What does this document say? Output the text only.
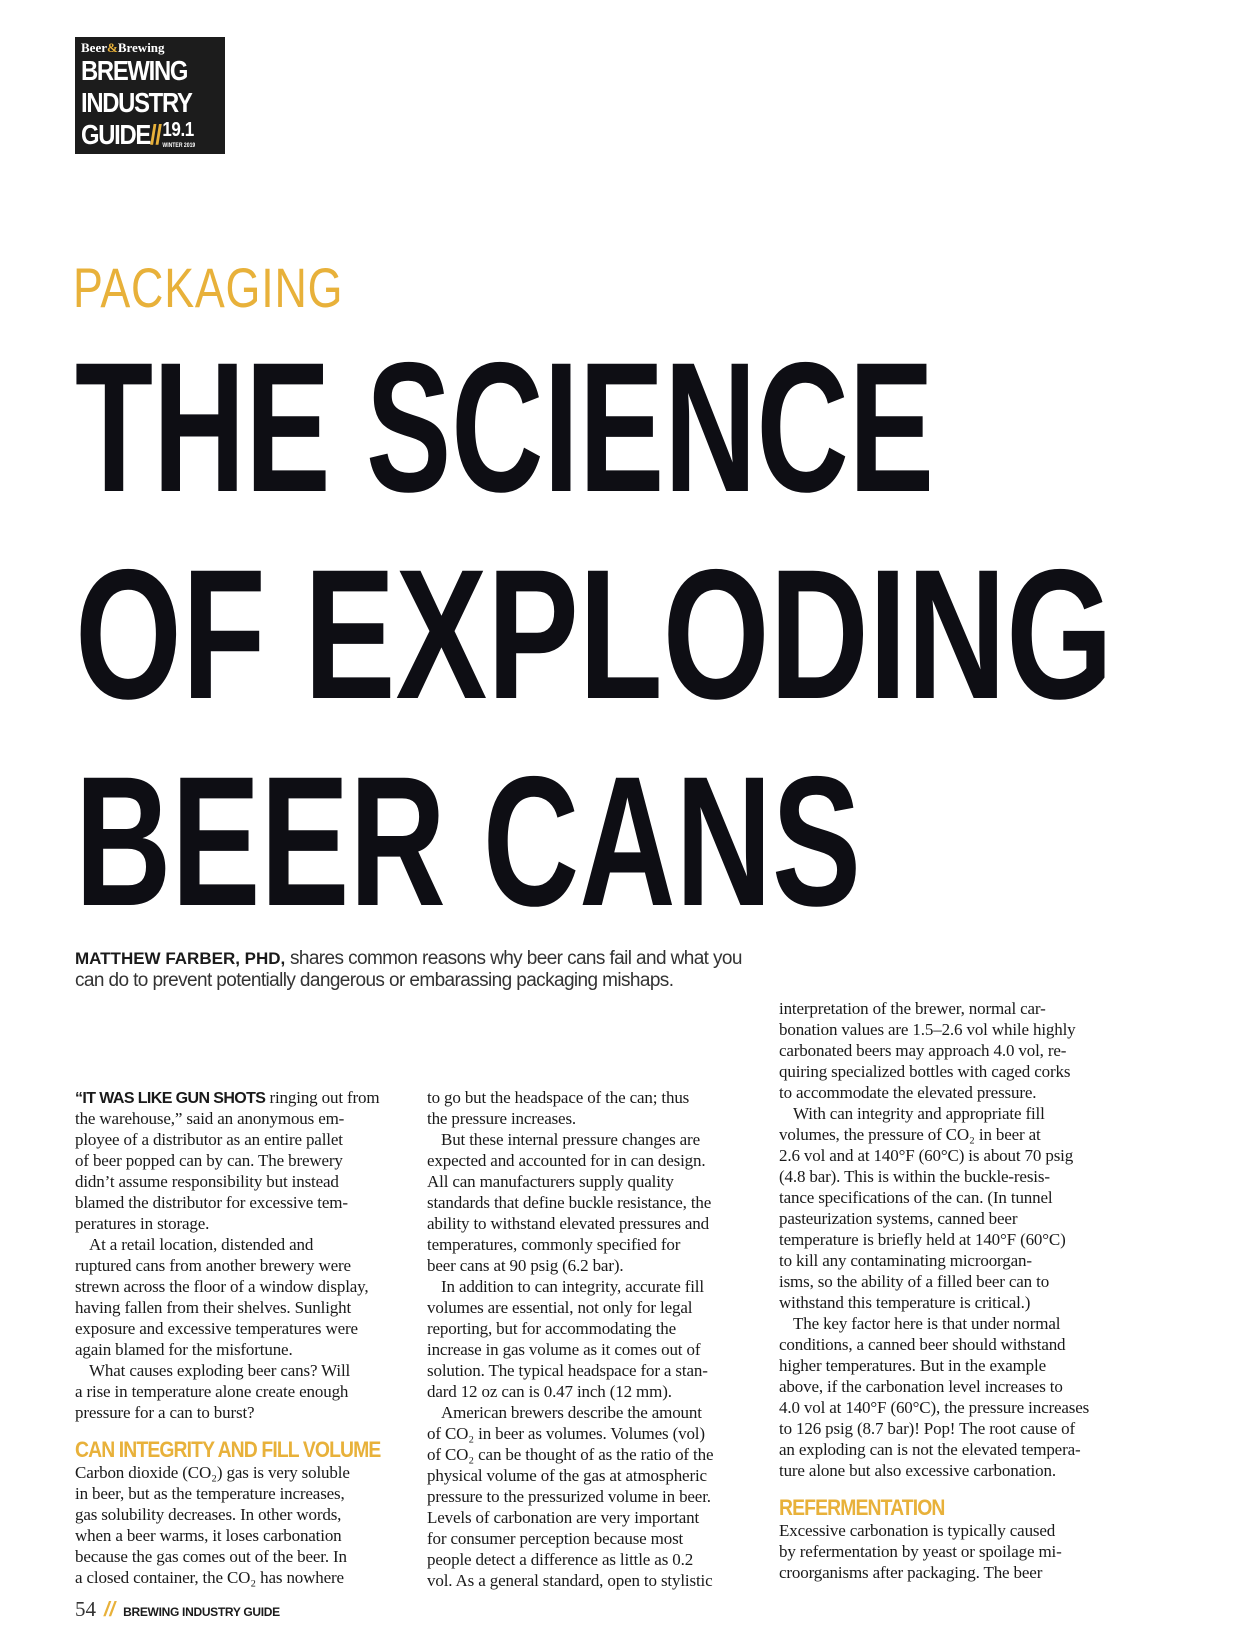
Beer&Brewing
BREWING
INDUSTRY
GUIDE // 19.1
WINTER 2019
PACKAGING
THE SCIENCE
OF EXPLODING
BEER CANS
MATTHEW FARBER, PHD, shares common reasons why beer cans fail and what you can do to prevent potentially dangerous or embarassing packaging mishaps.
“IT WAS LIKE GUN SHOTS ringing out from
the warehouse,” said an anonymous em-
ployee of a distributor as an entire pallet
of beer popped can by can. The brewery
didn’t assume responsibility but instead
blamed the distributor for excessive tem-
peratures in storage.
At a retail location, distended and
ruptured cans from another brewery were
strewn across the floor of a window display,
having fallen from their shelves. Sunlight
exposure and excessive temperatures were
again blamed for the misfortune.
What causes exploding beer cans? Will
a rise in temperature alone create enough
pressure for a can to burst?
CAN INTEGRITY AND FILL VOLUME
Carbon dioxide (CO₂) gas is very soluble
in beer, but as the temperature increases,
gas solubility decreases. In other words,
when a beer warms, it loses carbonation
because the gas comes out of the beer. In
a closed container, the CO₂ has nowhere
to go but the headspace of the can; thus
the pressure increases.
But these internal pressure changes are
expected and accounted for in can design.
All can manufacturers supply quality
standards that define buckle resistance, the
ability to withstand elevated pressures and
temperatures, commonly specified for
beer cans at 90 psig (6.2 bar).
In addition to can integrity, accurate fill
volumes are essential, not only for legal
reporting, but for accommodating the
increase in gas volume as it comes out of
solution. The typical headspace for a stan-
dard 12 oz can is 0.47 inch (12 mm).
American brewers describe the amount
of CO₂ in beer as volumes. Volumes (vol)
of CO₂ can be thought of as the ratio of the
physical volume of the gas at atmospheric
pressure to the pressurized volume in beer.
Levels of carbonation are very important
for consumer perception because most
people detect a difference as little as 0.2
vol. As a general standard, open to stylistic
interpretation of the brewer, normal car-
bonation values are 1.5–2.6 vol while highly
carbonated beers may approach 4.0 vol, re-
quiring specialized bottles with caged corks
to accommodate the elevated pressure.
With can integrity and appropriate fill
volumes, the pressure of CO₂ in beer at
2.6 vol and at 140°F (60°C) is about 70 psig
(4.8 bar). This is within the buckle-resis-
tance specifications of the can. (In tunnel
pasteurization systems, canned beer
temperature is briefly held at 140°F (60°C)
to kill any contaminating microorgan-
isms, so the ability of a filled beer can to
withstand this temperature is critical.)
The key factor here is that under normal
conditions, a canned beer should withstand
higher temperatures. But in the example
above, if the carbonation level increases to
4.0 vol at 140°F (60°C), the pressure increases
to 126 psig (8.7 bar)! Pop! The root cause of
an exploding can is not the elevated tempera-
ture alone but also excessive carbonation.
REFERMENTATION
Excessive carbonation is typically caused
by refermentation by yeast or spoilage mi-
croorganisms after packaging. The beer
54 // BREWING INDUSTRY GUIDE
